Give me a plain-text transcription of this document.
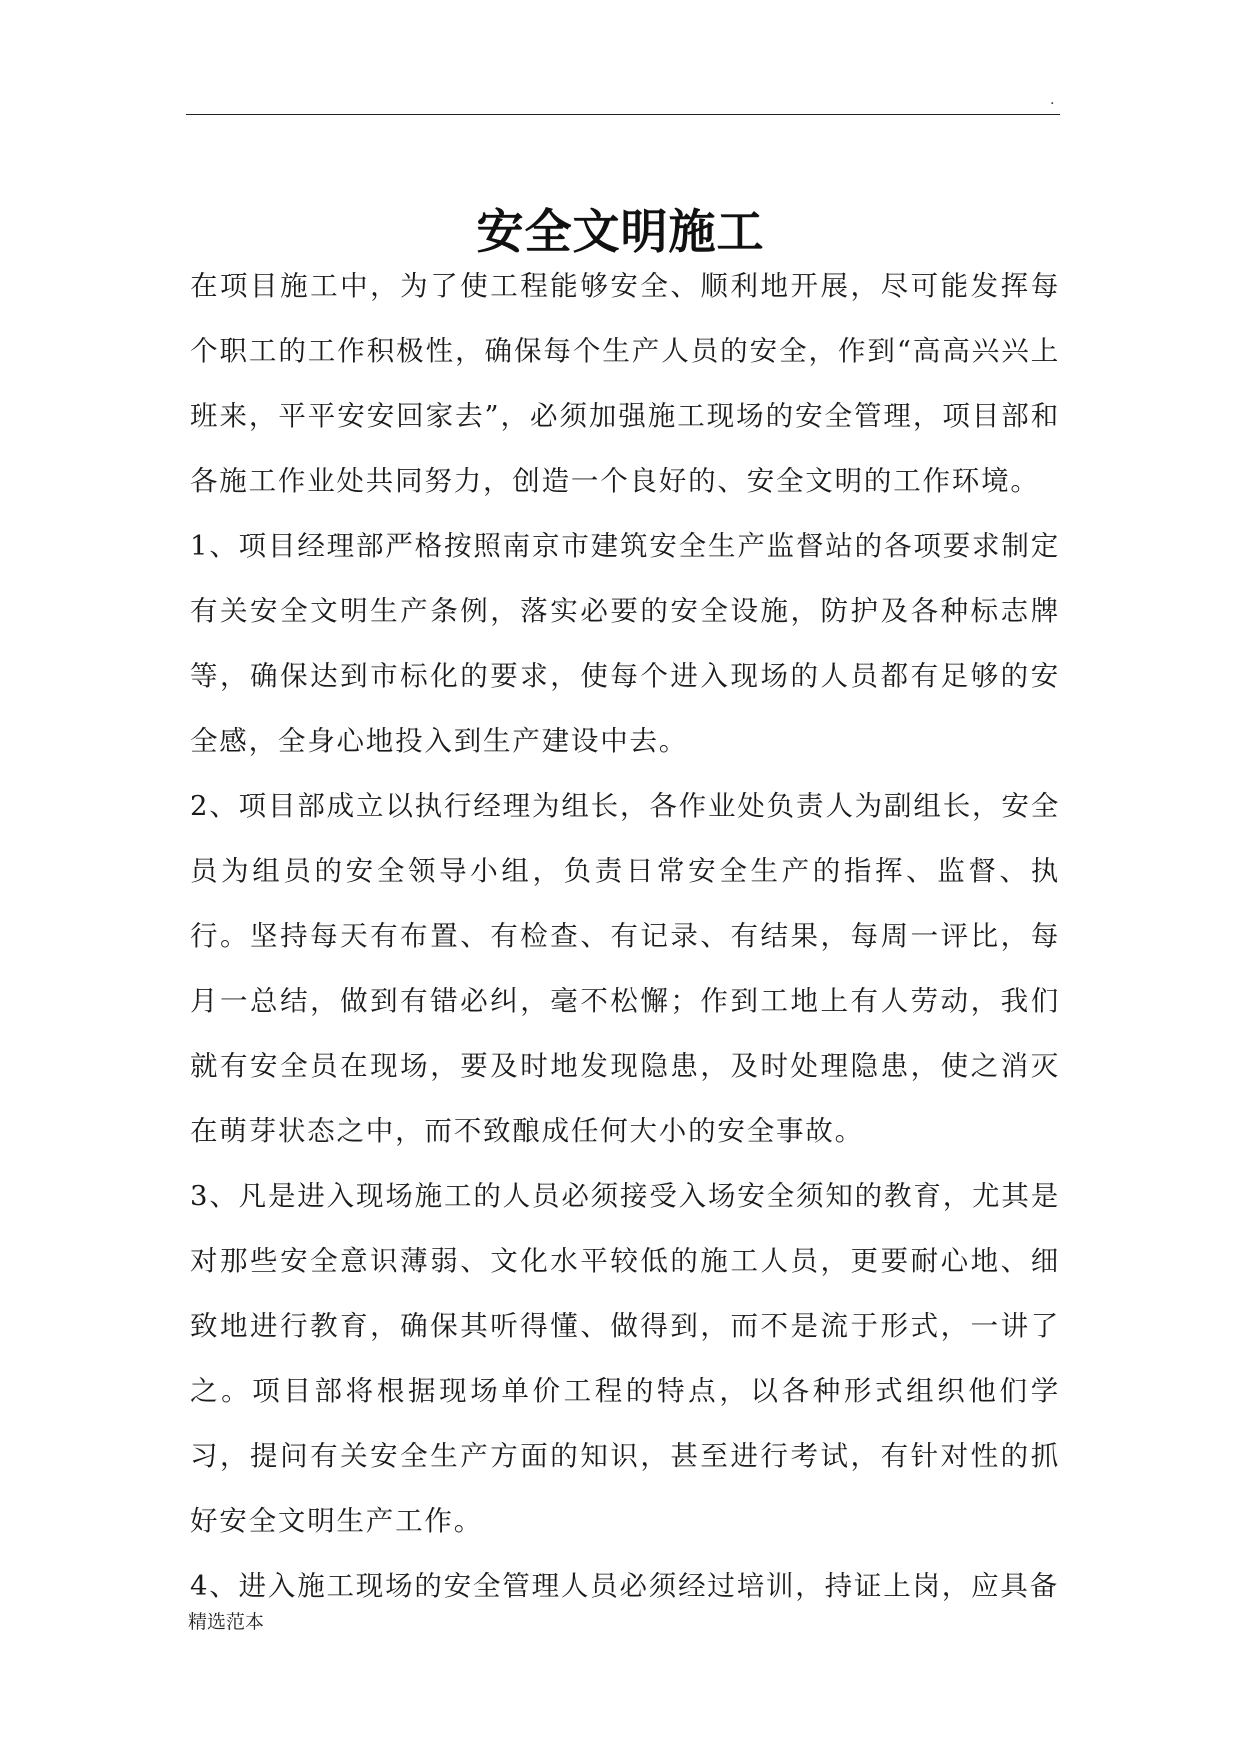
.
安全文明施工

在项目施工中，为了使工程能够安全、顺利地开展，尽可能发挥每个职工的工作积极性，确保每个生产人员的安全，作到“高高兴兴上班来，平平安安回家去”，必须加强施工现场的安全管理，项目部和各施工作业处共同努力，创造一个良好的、安全文明的工作环境。

1、项目经理部严格按照南京市建筑安全生产监督站的各项要求制定有关安全文明生产条例，落实必要的安全设施，防护及各种标志牌等，确保达到市标化的要求，使每个进入现场的人员都有足够的安全感，全身心地投入到生产建设中去。

2、项目部成立以执行经理为组长，各作业处负责人为副组长，安全员为组员的安全领导小组，负责日常安全生产的指挥、监督、执行。坚持每天有布置、有检查、有记录、有结果，每周一评比，每月一总结，做到有错必纠，毫不松懈；作到工地上有人劳动，我们就有安全员在现场，要及时地发现隐患，及时处理隐患，使之消灭在萌芽状态之中，而不致酿成任何大小的安全事故。

3、凡是进入现场施工的人员必须接受入场安全须知的教育，尤其是对那些安全意识薄弱、文化水平较低的施工人员，更要耐心地、细致地进行教育，确保其听得懂、做得到，而不是流于形式，一讲了之。项目部将根据现场单价工程的特点，以各种形式组织他们学习，提问有关安全生产方面的知识，甚至进行考试，有针对性的抓好安全文明生产工作。

4、进入施工现场的安全管理人员必须经过培训，持证上岗，应具备

精选范本
